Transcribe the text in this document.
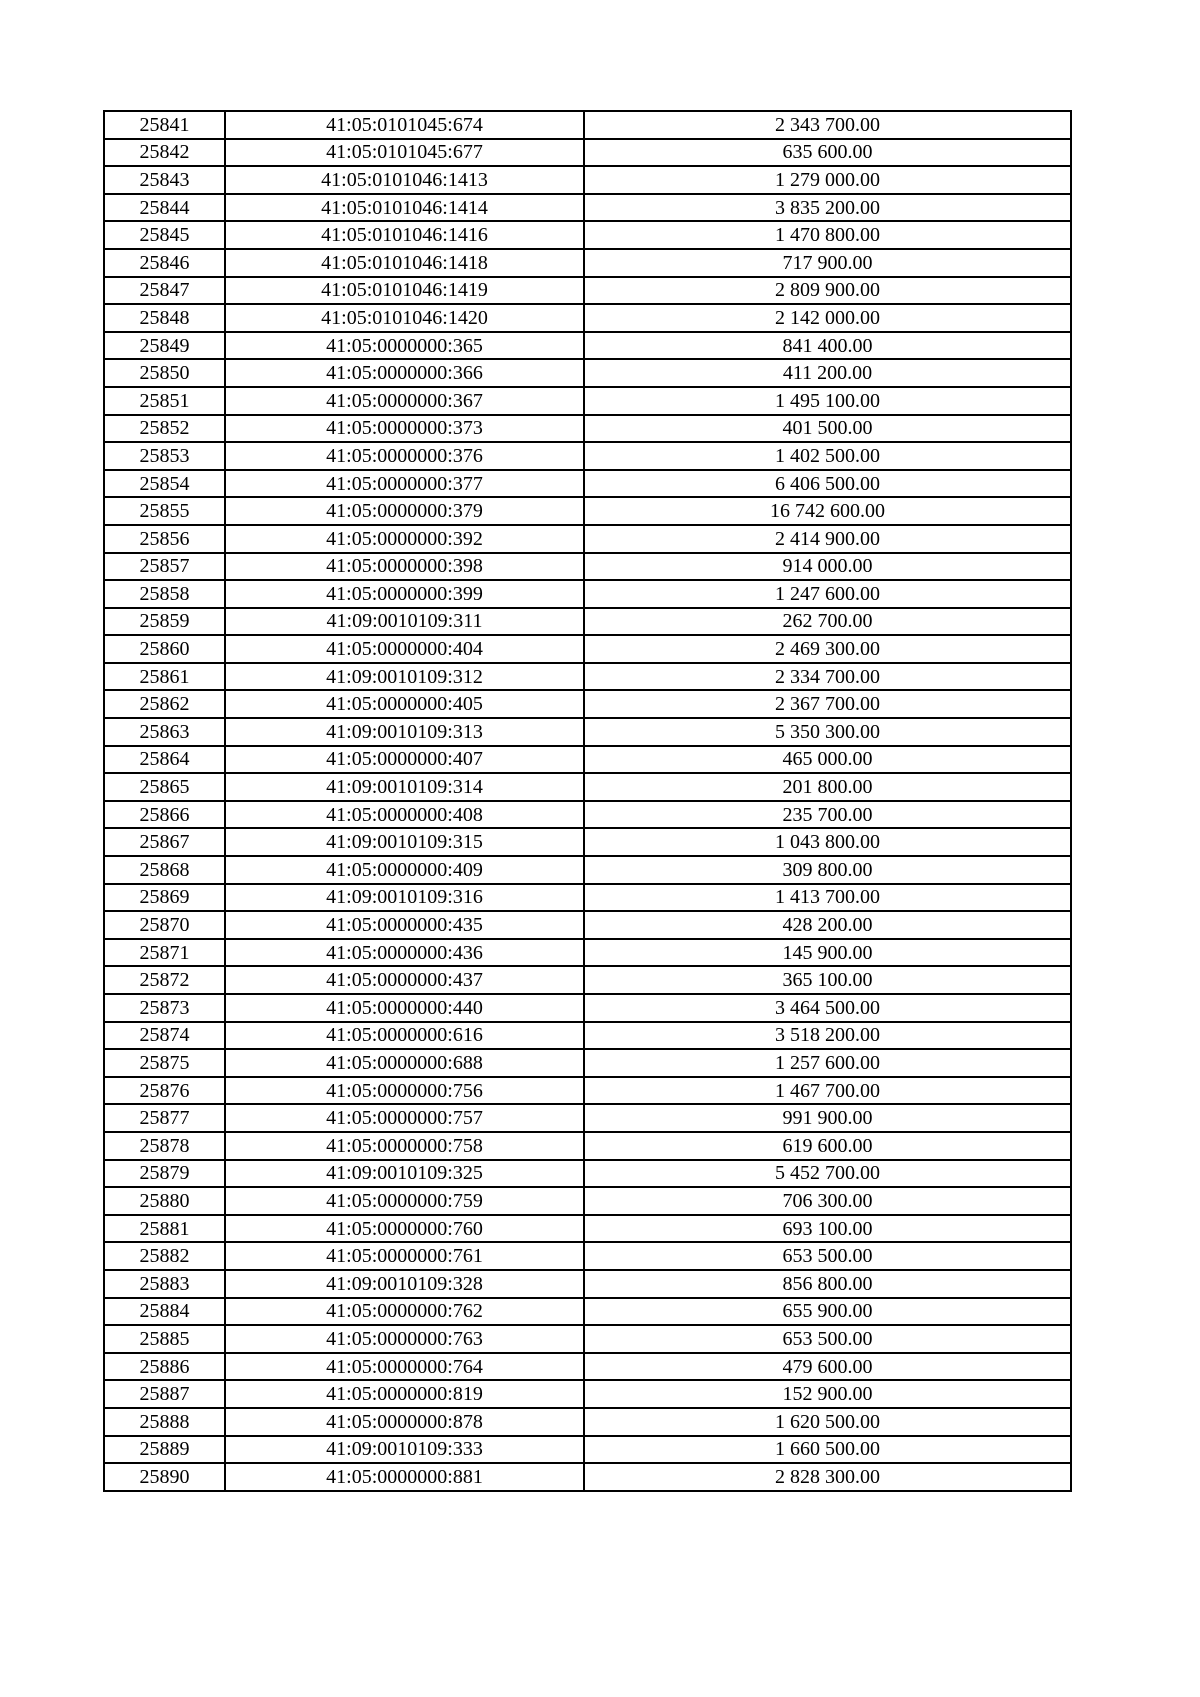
25841	41:05:0101045:674	2 343 700.00
25842	41:05:0101045:677	635 600.00
25843	41:05:0101046:1413	1 279 000.00
25844	41:05:0101046:1414	3 835 200.00
25845	41:05:0101046:1416	1 470 800.00
25846	41:05:0101046:1418	717 900.00
25847	41:05:0101046:1419	2 809 900.00
25848	41:05:0101046:1420	2 142 000.00
25849	41:05:0000000:365	841 400.00
25850	41:05:0000000:366	411 200.00
25851	41:05:0000000:367	1 495 100.00
25852	41:05:0000000:373	401 500.00
25853	41:05:0000000:376	1 402 500.00
25854	41:05:0000000:377	6 406 500.00
25855	41:05:0000000:379	16 742 600.00
25856	41:05:0000000:392	2 414 900.00
25857	41:05:0000000:398	914 000.00
25858	41:05:0000000:399	1 247 600.00
25859	41:09:0010109:311	262 700.00
25860	41:05:0000000:404	2 469 300.00
25861	41:09:0010109:312	2 334 700.00
25862	41:05:0000000:405	2 367 700.00
25863	41:09:0010109:313	5 350 300.00
25864	41:05:0000000:407	465 000.00
25865	41:09:0010109:314	201 800.00
25866	41:05:0000000:408	235 700.00
25867	41:09:0010109:315	1 043 800.00
25868	41:05:0000000:409	309 800.00
25869	41:09:0010109:316	1 413 700.00
25870	41:05:0000000:435	428 200.00
25871	41:05:0000000:436	145 900.00
25872	41:05:0000000:437	365 100.00
25873	41:05:0000000:440	3 464 500.00
25874	41:05:0000000:616	3 518 200.00
25875	41:05:0000000:688	1 257 600.00
25876	41:05:0000000:756	1 467 700.00
25877	41:05:0000000:757	991 900.00
25878	41:05:0000000:758	619 600.00
25879	41:09:0010109:325	5 452 700.00
25880	41:05:0000000:759	706 300.00
25881	41:05:0000000:760	693 100.00
25882	41:05:0000000:761	653 500.00
25883	41:09:0010109:328	856 800.00
25884	41:05:0000000:762	655 900.00
25885	41:05:0000000:763	653 500.00
25886	41:05:0000000:764	479 600.00
25887	41:05:0000000:819	152 900.00
25888	41:05:0000000:878	1 620 500.00
25889	41:09:0010109:333	1 660 500.00
25890	41:05:0000000:881	2 828 300.00
